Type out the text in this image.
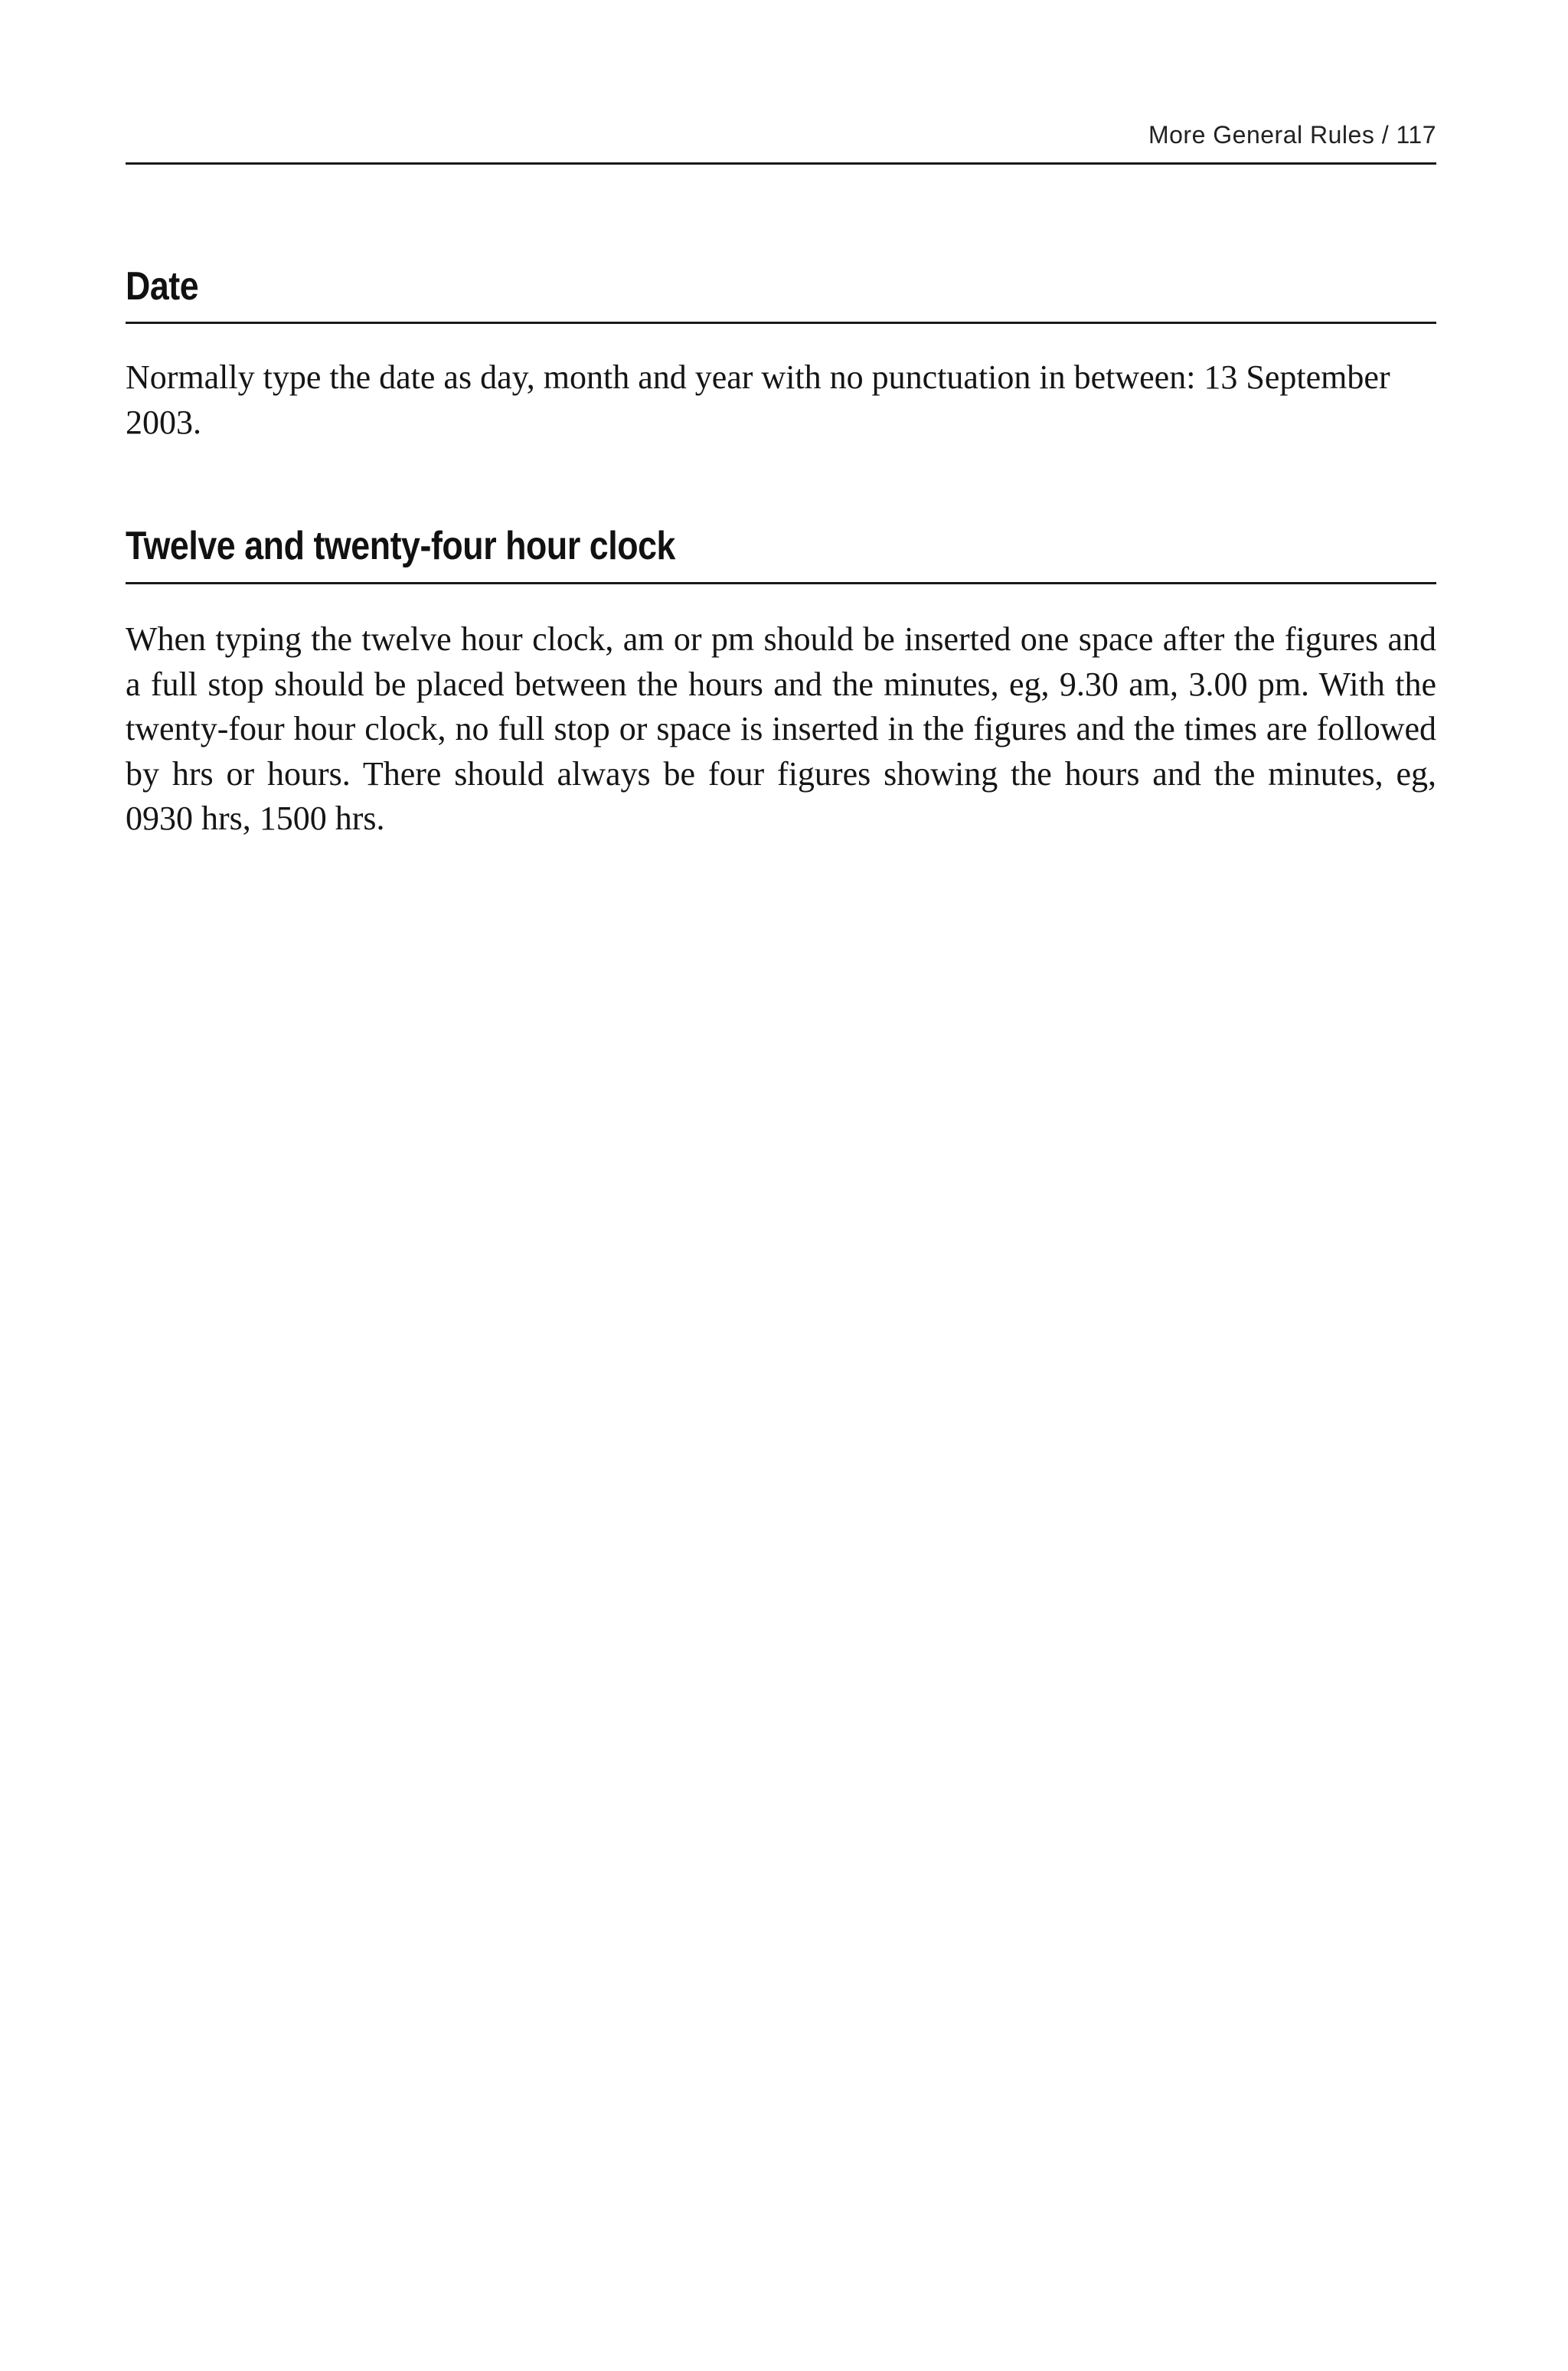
More General Rules / 117
Date

Normally type the date as day, month and year with no punctuation in between: 13 September 2003.

Twelve and twenty-four hour clock

When typing the twelve hour clock, am or pm should be inserted one space after the figures and a full stop should be placed between the hours and the minutes, eg, 9.30 am, 3.00 pm. With the twenty-four hour clock, no full stop or space is inserted in the figures and the times are followed by hrs or hours. There should always be four figures showing the hours and the minutes, eg, 0930 hrs, 1500 hrs.
